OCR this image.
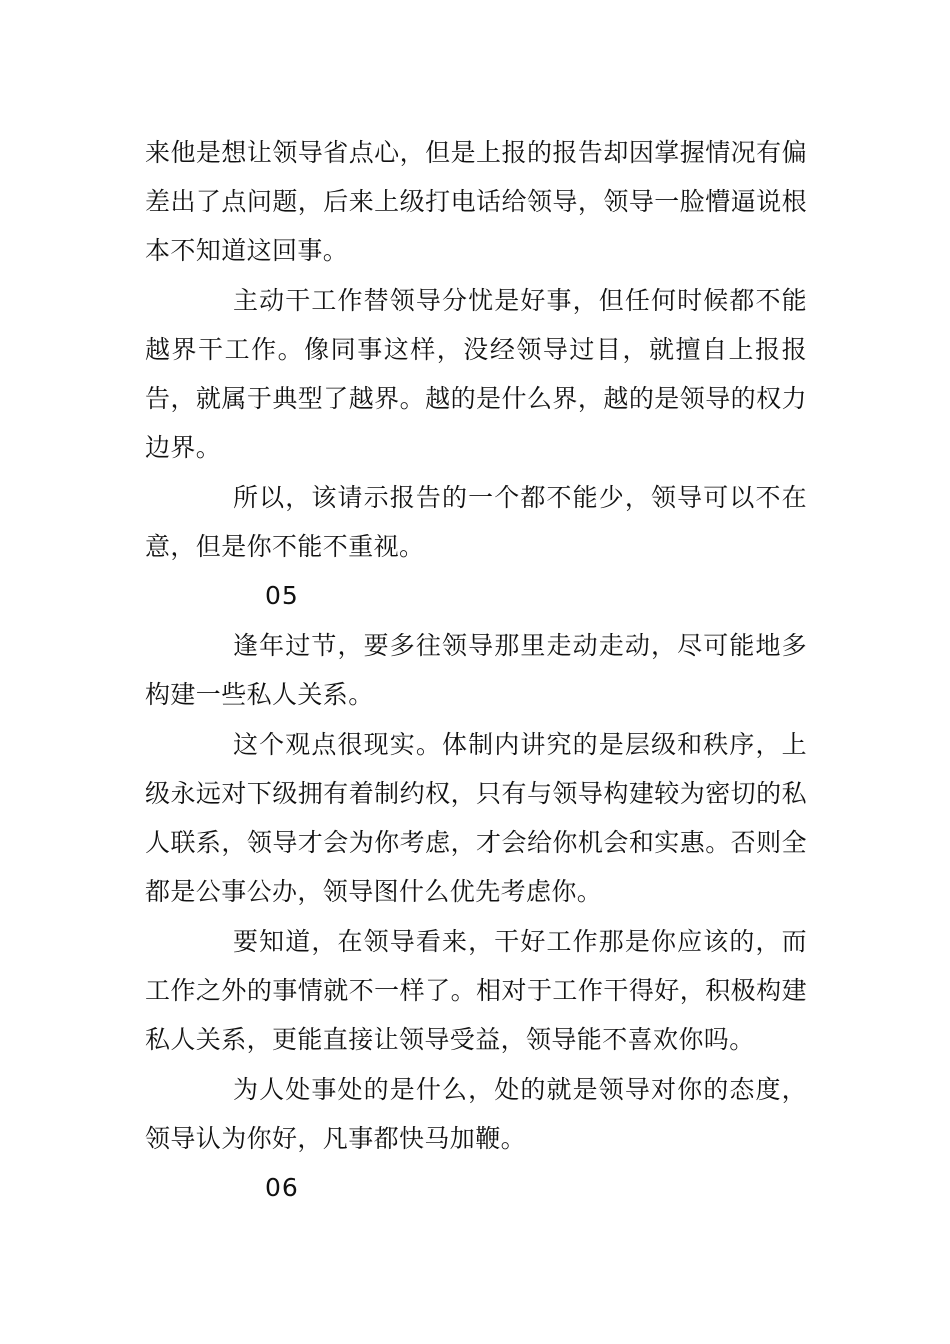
来他是想让领导省点心，但是上报的报告却因掌握情况有偏差出了点问题，后来上级打电话给领导，领导一脸懵逼说根本不知道这回事。

主动干工作替领导分忧是好事，但任何时候都不能越界干工作。像同事这样，没经领导过目，就擅自上报报告，就属于典型了越界。越的是什么界，越的是领导的权力边界。

所以，该请示报告的一个都不能少，领导可以不在意，但是你不能不重视。

05

逢年过节，要多往领导那里走动走动，尽可能地多构建一些私人关系。

这个观点很现实。体制内讲究的是层级和秩序，上级永远对下级拥有着制约权，只有与领导构建较为密切的私人联系，领导才会为你考虑，才会给你机会和实惠。否则全都是公事公办，领导图什么优先考虑你。

要知道，在领导看来，干好工作那是你应该的，而工作之外的事情就不一样了。相对于工作干得好，积极构建私人关系，更能直接让领导受益，领导能不喜欢你吗。

为人处事处的是什么，处的就是领导对你的态度，领导认为你好，凡事都快马加鞭。

06
